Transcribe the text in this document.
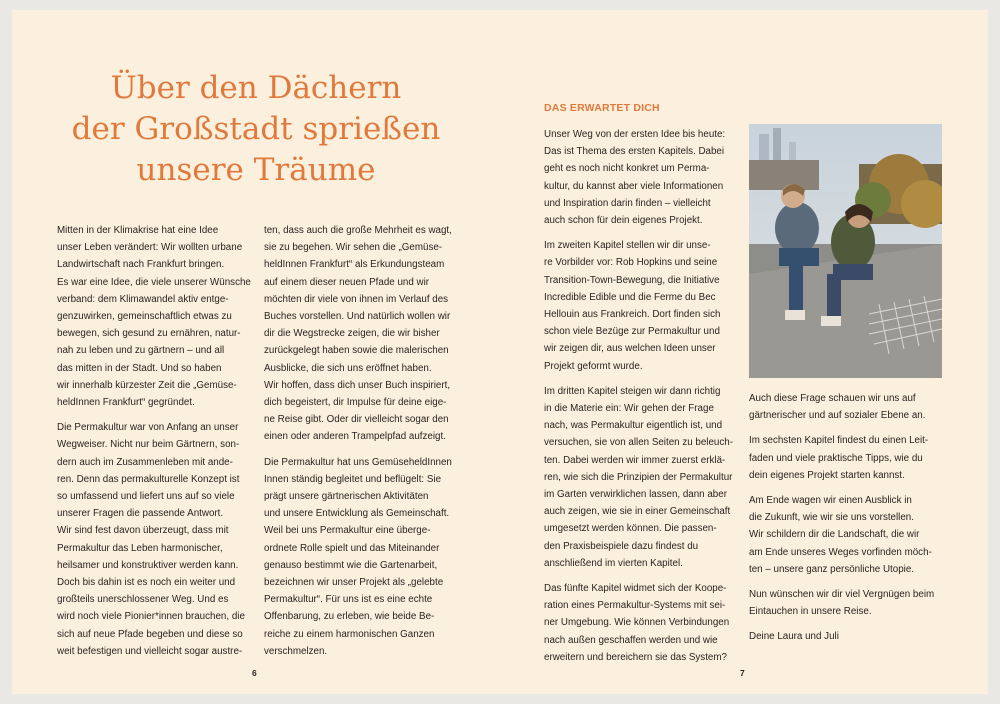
Über den Dächern
der Großstadt sprießen
unsere Träume

Mitten in der Klimakrise hat eine Idee
unser Leben verändert: Wir wollten urbane
Landwirtschaft nach Frankfurt bringen.
Es war eine Idee, die viele unserer Wünsche
verband: dem Klimawandel aktiv entge-
genzuwirken, gemeinschaftlich etwas zu
bewegen, sich gesund zu ernähren, natur-
nah zu leben und zu gärtnern – und all
das mitten in der Stadt. Und so haben
wir innerhalb kürzester Zeit die „Gemüse-
heldInnen Frankfurt“ gegründet.

Die Permakultur war von Anfang an unser
Wegweiser. Nicht nur beim Gärtnern, son-
dern auch im Zusammenleben mit ande-
ren. Denn das permakulturelle Konzept ist
so umfassend und liefert uns auf so viele
unserer Fragen die passende Antwort.
Wir sind fest davon überzeugt, dass mit
Permakultur das Leben harmonischer,
heilsamer und konstruktiver werden kann.
Doch bis dahin ist es noch ein weiter und
großteils unerschlossener Weg. Und es
wird noch viele Pionier*innen brauchen, die
sich auf neue Pfade begeben und diese so
weit befestigen und vielleicht sogar austre-

ten, dass auch die große Mehrheit es wagt,
sie zu begehen. Wir sehen die „Gemüse-
heldInnen Frankfurt“ als Erkundungsteam
auf einem dieser neuen Pfade und wir
möchten dir viele von ihnen im Verlauf des
Buches vorstellen. Und natürlich wollen wir
dir die Wegstrecke zeigen, die wir bisher
zurückgelegt haben sowie die malerischen
Ausblicke, die sich uns eröffnet haben.
Wir hoffen, dass dich unser Buch inspiriert,
dich begeistert, dir Impulse für deine eige-
ne Reise gibt. Oder dir vielleicht sogar den
einen oder anderen Trampelpfad aufzeigt.

Die Permakultur hat uns GemüseheldInnen
Innen ständig begleitet und beflügelt: Sie
prägt unsere gärtnerischen Aktivitäten
und unsere Entwicklung als Gemeinschaft.
Weil bei uns Permakultur eine überge-
ordnete Rolle spielt und das Miteinander
genauso bestimmt wie die Gartenarbeit,
bezeichnen wir unser Projekt als „gelebte
Permakultur“. Für uns ist es eine echte
Offenbarung, zu erleben, wie beide Be-
reiche zu einem harmonischen Ganzen
verschmelzen.

6
DAS ERWARTET DICH

Unser Weg von der ersten Idee bis heute:
Das ist Thema des ersten Kapitels. Dabei
geht es noch nicht konkret um Perma-
kultur, du kannst aber viele Informationen
und Inspiration darin finden – vielleicht
auch schon für dein eigenes Projekt.

Im zweiten Kapitel stellen wir dir unse-
re Vorbilder vor: Rob Hopkins und seine
Transition-Town-Bewegung, die Initiative
Incredible Edible und die Ferme du Bec
Hellouin aus Frankreich. Dort finden sich
schon viele Bezüge zur Permakultur und
wir zeigen dir, aus welchen Ideen unser
Projekt geformt wurde.

Im dritten Kapitel steigen wir dann richtig
in die Materie ein: Wir gehen der Frage
nach, was Permakultur eigentlich ist, und
versuchen, sie von allen Seiten zu beleuch-
ten. Dabei werden wir immer zuerst erklä-
ren, wie sich die Prinzipien der Permakultur
im Garten verwirklichen lassen, dann aber
auch zeigen, wie sie in einer Gemeinschaft
umgesetzt werden können. Die passen-
den Praxisbeispiele dazu findest du
anschließend im vierten Kapitel.

Das fünfte Kapitel widmet sich der Koope-
ration eines Permakultur-Systems mit sei-
ner Umgebung. Wie können Verbindungen
nach außen geschaffen werden und wie
erweitern und bereichern sie das System?

Auch diese Frage schauen wir uns auf
gärtnerischer und auf sozialer Ebene an.

Im sechsten Kapitel findest du einen Leit-
faden und viele praktische Tipps, wie du
dein eigenes Projekt starten kannst.

Am Ende wagen wir einen Ausblick in
die Zukunft, wie wir sie uns vorstellen.
Wir schildern dir die Landschaft, die wir
am Ende unseres Weges vorfinden möch-
ten – unsere ganz persönliche Utopie.

Nun wünschen wir dir viel Vergnügen beim
Eintauchen in unsere Reise.

Deine Laura und Juli

7
